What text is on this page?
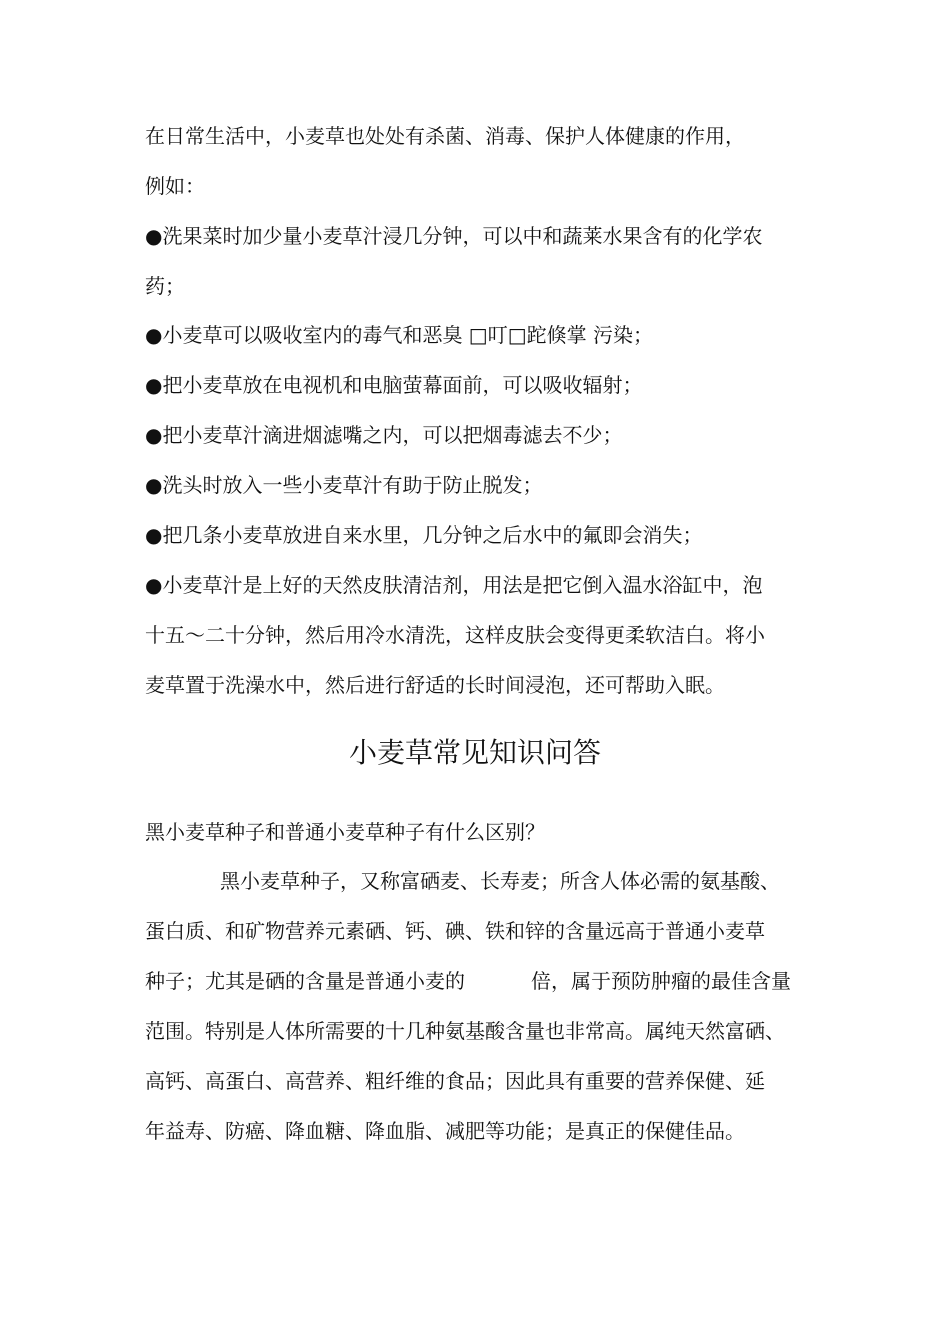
在日常生活中，小麦草也处处有杀菌、消毒、保护人体健康的作用，
例如：
●洗果菜时加少量小麦草汁浸几分钟，可以中和蔬莱水果含有的化学农
药；
●小麦草可以吸收室内的毒气和恶臭 □叮□跎倏掌 污染；
●把小麦草放在电视机和电脑萤幕面前，可以吸收辐射；
●把小麦草汁滴进烟滤嘴之内，可以把烟毒滤去不少；
●洗头时放入一些小麦草汁有助于防止脱发；
●把几条小麦草放进自来水里，几分钟之后水中的氟即会消失；
●小麦草汁是上好的天然皮肤清洁剂，用法是把它倒入温水浴缸中，泡
十五～二十分钟，然后用冷水清洗，这样皮肤会变得更柔软洁白。将小
麦草置于洗澡水中，然后进行舒适的长时间浸泡，还可帮助入眠。
小麦草常见知识问答
黑小麦草种子和普通小麦草种子有什么区别？
黑小麦草种子，又称富硒麦、长寿麦；所含人体必需的氨基酸、
蛋白质、和矿物营养元素硒、钙、碘、铁和锌的含量远高于普通小麦草
种子；尤其是硒的含量是普通小麦的	倍，属于预防肿瘤的最佳含量
范围。特别是人体所需要的十几种氨基酸含量也非常高。属纯天然富硒、
高钙、高蛋白、高营养、粗纤维的食品；因此具有重要的营养保健、延
年益寿、防癌、降血糖、降血脂、减肥等功能；是真正的保健佳品。
